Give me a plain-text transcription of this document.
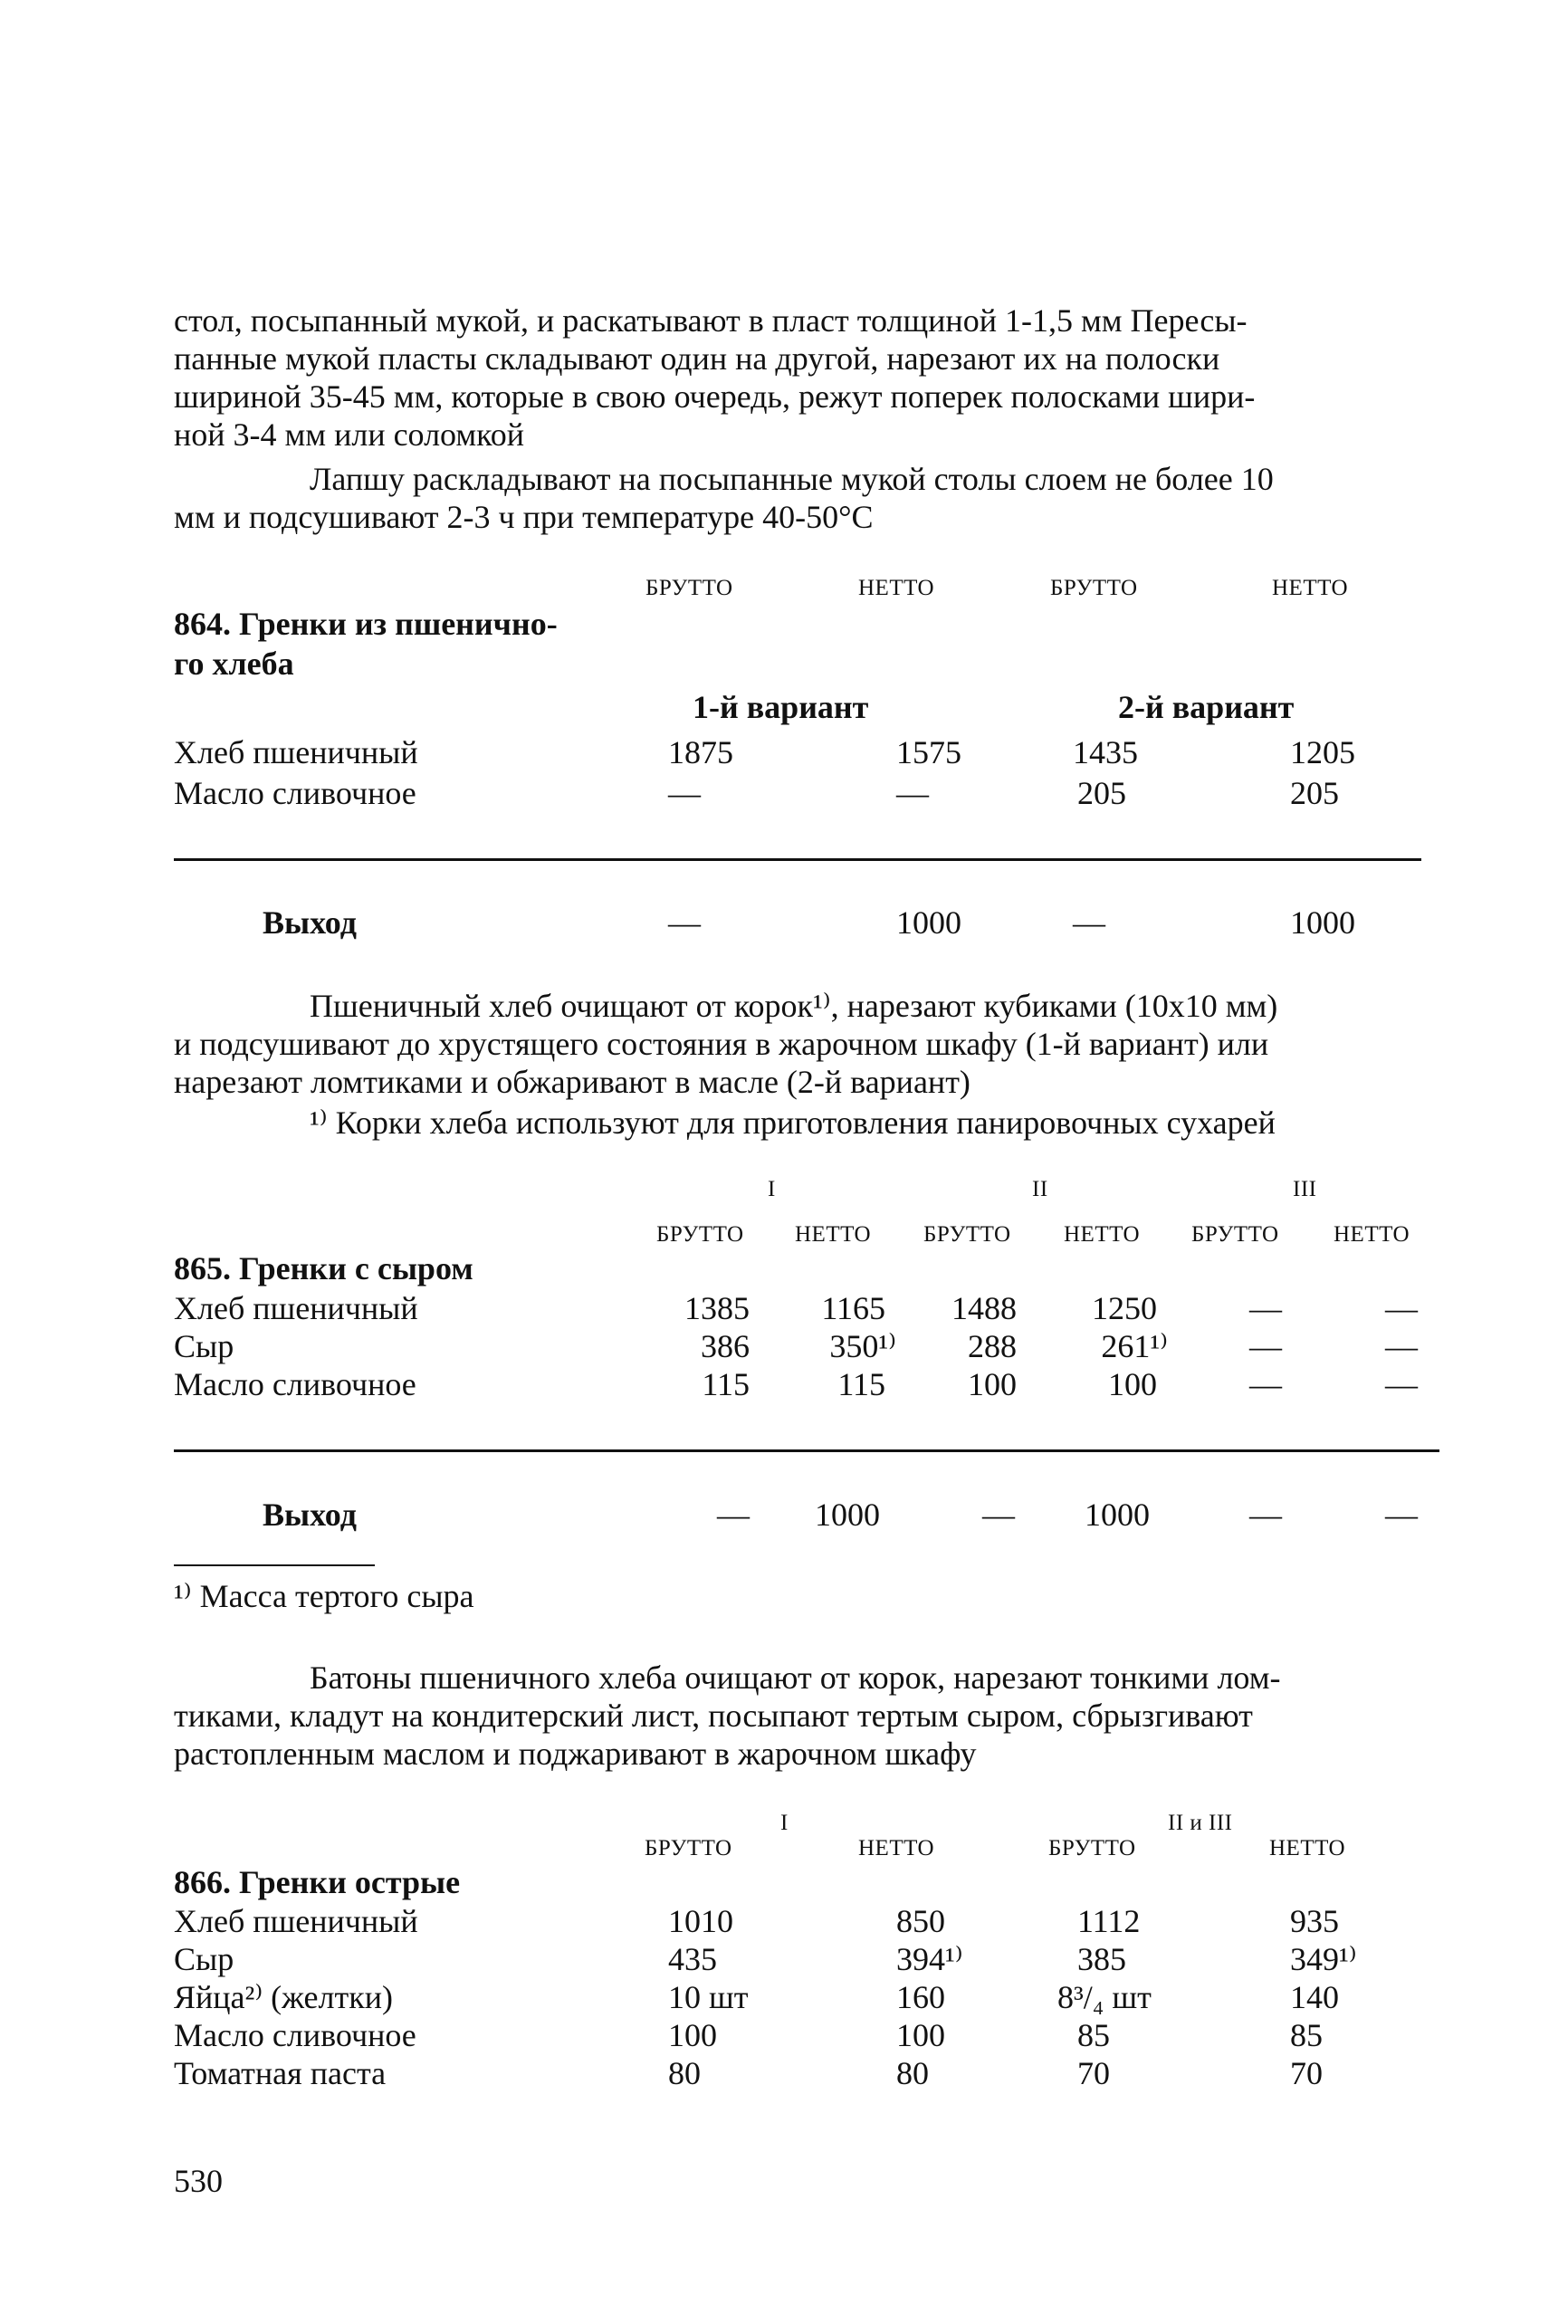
стол, посыпанный мукой, и раскатывают в пласт толщиной 1-1,5 мм Пересы-
панные мукой пласты складывают один на другой, нарезают их на полоски
шириной 35-45 мм, которые в свою очередь, режут поперек полосками шири-
ной 3-4 мм или соломкой
Лапшу раскладывают на посыпанные мукой столы слоем не более 10
мм и подсушивают 2-3 ч при температуре 40-50°С
БРУТТО	НЕТТО	БРУТТО	НЕТТО
864. Гренки из пшенично-
го хлеба
1-й вариант	2-й вариант
Хлеб пшеничный	1875	1575	1435	1205
Масло сливочное	—	—	205	205
Выход	—	1000	—	1000
Пшеничный хлеб очищают от корок¹⁾, нарезают кубиками (10х10 мм)
и подсушивают до хрустящего состояния в жарочном шкафу (1-й вариант) или
нарезают ломтиками и обжаривают в масле (2-й вариант)
¹⁾ Корки хлеба используют для приготовления панировочных сухарей
I	II	III
БРУТТО НЕТТО БРУТТО НЕТТО БРУТТО НЕТТО
865. Гренки с сыром
Хлеб пшеничный	1385	1165	1488	1250	—	—
Сыр	386	350¹⁾	288	261¹⁾	—	—
Масло сливочное	115	115	100	100	—	—
Выход	— 1000	— 1000	—	—
¹⁾ Масса тертого сыра
Батоны пшеничного хлеба очищают от корок, нарезают тонкими лом-
тиками, кладут на кондитерский лист, посыпают тертым сыром, сбрызгивают
растопленным маслом и поджаривают в жарочном шкафу
I	II и III
БРУТТО	НЕТТО	БРУТТО	НЕТТО
866. Гренки острые
Хлеб пшеничный	1010	850	1112	935
Сыр	435	394¹⁾	385	349¹⁾
Яйца²⁾ (желтки)	10 шт	160	8³/₄ шт	140
Масло сливочное	100	100	85	85
Томатная паста	80	80	70	70
530
